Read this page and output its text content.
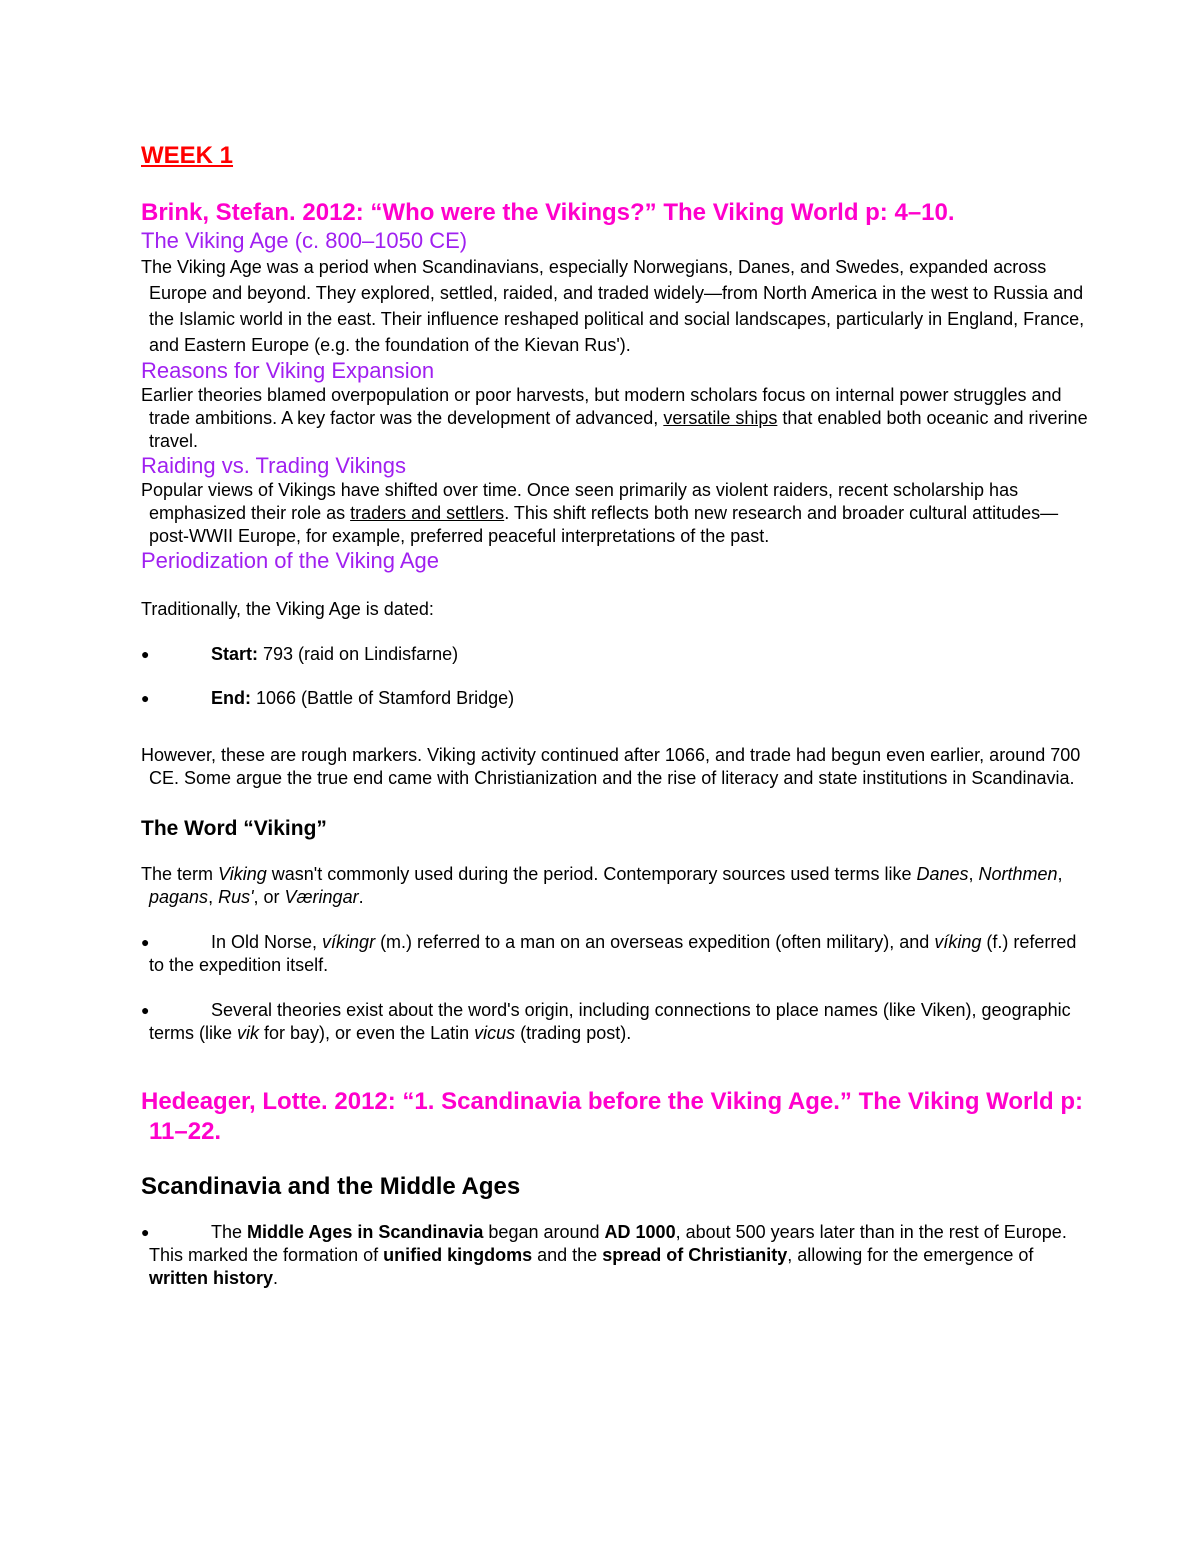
WEEK 1

Brink, Stefan. 2012: “Who were the Vikings?” The Viking World p: 4–10.

The Viking Age (c. 800–1050 CE)

The Viking Age was a period when Scandinavians, especially Norwegians, Danes, and Swedes, expanded across Europe and beyond. They explored, settled, raided, and traded widely—from North America in the west to Russia and the Islamic world in the east. Their influence reshaped political and social landscapes, particularly in England, France, and Eastern Europe (e.g. the foundation of the Kievan Rus').

Reasons for Viking Expansion

Earlier theories blamed overpopulation or poor harvests, but modern scholars focus on internal power struggles and trade ambitions. A key factor was the development of advanced, versatile ships that enabled both oceanic and riverine travel.

Raiding vs. Trading Vikings

Popular views of Vikings have shifted over time. Once seen primarily as violent raiders, recent scholarship has emphasized their role as traders and settlers. This shift reflects both new research and broader cultural attitudes—post-WWII Europe, for example, preferred peaceful interpretations of the past.

Periodization of the Viking Age

Traditionally, the Viking Age is dated:

●	Start: 793 (raid on Lindisfarne)
●	End: 1066 (Battle of Stamford Bridge)

However, these are rough markers. Viking activity continued after 1066, and trade had begun even earlier, around 700 CE. Some argue the true end came with Christianization and the rise of literacy and state institutions in Scandinavia.

The Word “Viking”

The term Viking wasn't commonly used during the period. Contemporary sources used terms like Danes, Northmen, pagans, Rus', or Væringar.

●	In Old Norse, víkingr (m.) referred to a man on an overseas expedition (often military), and víking (f.) referred to the expedition itself.
●	Several theories exist about the word's origin, including connections to place names (like Viken), geographic terms (like vik for bay), or even the Latin vicus (trading post).

Hedeager, Lotte. 2012: “1. Scandinavia before the Viking Age.” The Viking World p: 11–22.

Scandinavia and the Middle Ages

●	The Middle Ages in Scandinavia began around AD 1000, about 500 years later than in the rest of Europe. This marked the formation of unified kingdoms and the spread of Christianity, allowing for the emergence of written history.
